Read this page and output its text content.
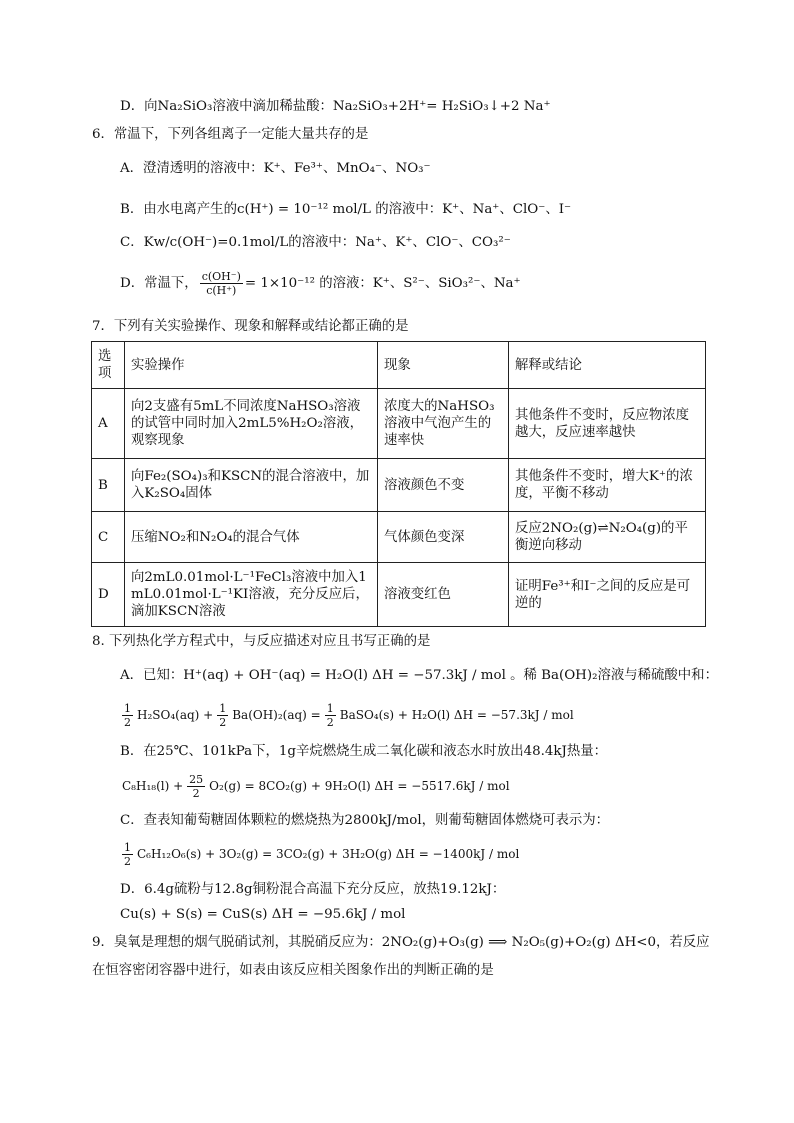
D．向Na₂SiO₃溶液中滴加稀盐酸：Na₂SiO₃+2H⁺= H₂SiO₃↓+2 Na⁺
6．常温下，下列各组离子一定能大量共存的是
A．澄清透明的溶液中：K⁺、Fe³⁺、MnO₄⁻、NO₃⁻
B．由水电离产生的c(H⁺) = 10⁻¹² mol/L 的溶液中：K⁺、Na⁺、ClO⁻、I⁻
C．Kw/c(OH⁻)=0.1mol/L的溶液中：Na⁺、K⁺、ClO⁻、CO₃²⁻
D．常温下， $\frac{c(OH^-)}{c(H^+)} = 1\times 10^{-12}$ 的溶液：K⁺、S²⁻、SiO₃²⁻、Na⁺
7．下列有关实验操作、现象和解释或结论都正确的是
选项	实验操作	现象	解释或结论
A	向2支盛有5mL不同浓度NaHSO₃溶液的试管中同时加入2mL5%H₂O₂溶液，观察现象	浓度大的NaHSO₃溶液中气泡产生的速率快	其他条件不变时，反应物浓度越大，反应速率越快
B	向Fe₂(SO₄)₃和KSCN的混合溶液中，加入K₂SO₄固体	溶液颜色不变	其他条件不变时，增大K⁺的浓度，平衡不移动
C	压缩NO₂和N₂O₄的混合气体	气体颜色变深	反应2NO₂(g)⇌N₂O₄(g)的平衡逆向移动
D	向2mL0.01mol·L⁻¹FeCl₃溶液中加入1mL0.01mol·L⁻¹KI溶液，充分反应后，滴加KSCN溶液	溶液变红色	证明Fe³⁺和I⁻之间的反应是可逆的
8. 下列热化学方程式中，与反应描述对应且书写正确的是
A．已知：H⁺(aq) + OH⁻(aq) = H₂O(l) ΔH = −57.3kJ / mol 。稀 Ba(OH)₂溶液与稀硫酸中和：
$\frac{1}{2} H_2SO_4(aq) + \frac{1}{2} Ba(OH)_2(aq) = \frac{1}{2}$ BaSO₄(s) + H₂O(l) ΔH = −57.3kJ / mol
B．在25℃、101kPa下，1g辛烷燃烧生成二氧化碳和液态水时放出48.4kJ热量：
$C_8H_{18}(l) + \frac{25}{2} O_2(g) = 8CO_2(g) + 9H_2O(l) \Delta H = -5517.6kJ$ / mol
C．查表知葡萄糖固体颗粒的燃烧热为2800kJ/mol，则葡萄糖固体燃烧可表示为：
$\frac{1}{2} C_6H_{12}O_6(s) + 3O_2(g) = 3CO_2(g) + 3H_2O(g) \Delta H = -1400kJ$ / mol
D．6.4g硫粉与12.8g铜粉混合高温下充分反应，放热19.12kJ：
Cu(s) + S(s) = CuS(s) ΔH = −95.6kJ / mol
9．臭氧是理想的烟气脱硝试剂，其脱硝反应为：2NO₂(g)+O₃(g) ⟹ N₂O₅(g)+O₂(g) ΔH<0，若反应
在恒容密闭容器中进行，如表由该反应相关图象作出的判断正确的是
